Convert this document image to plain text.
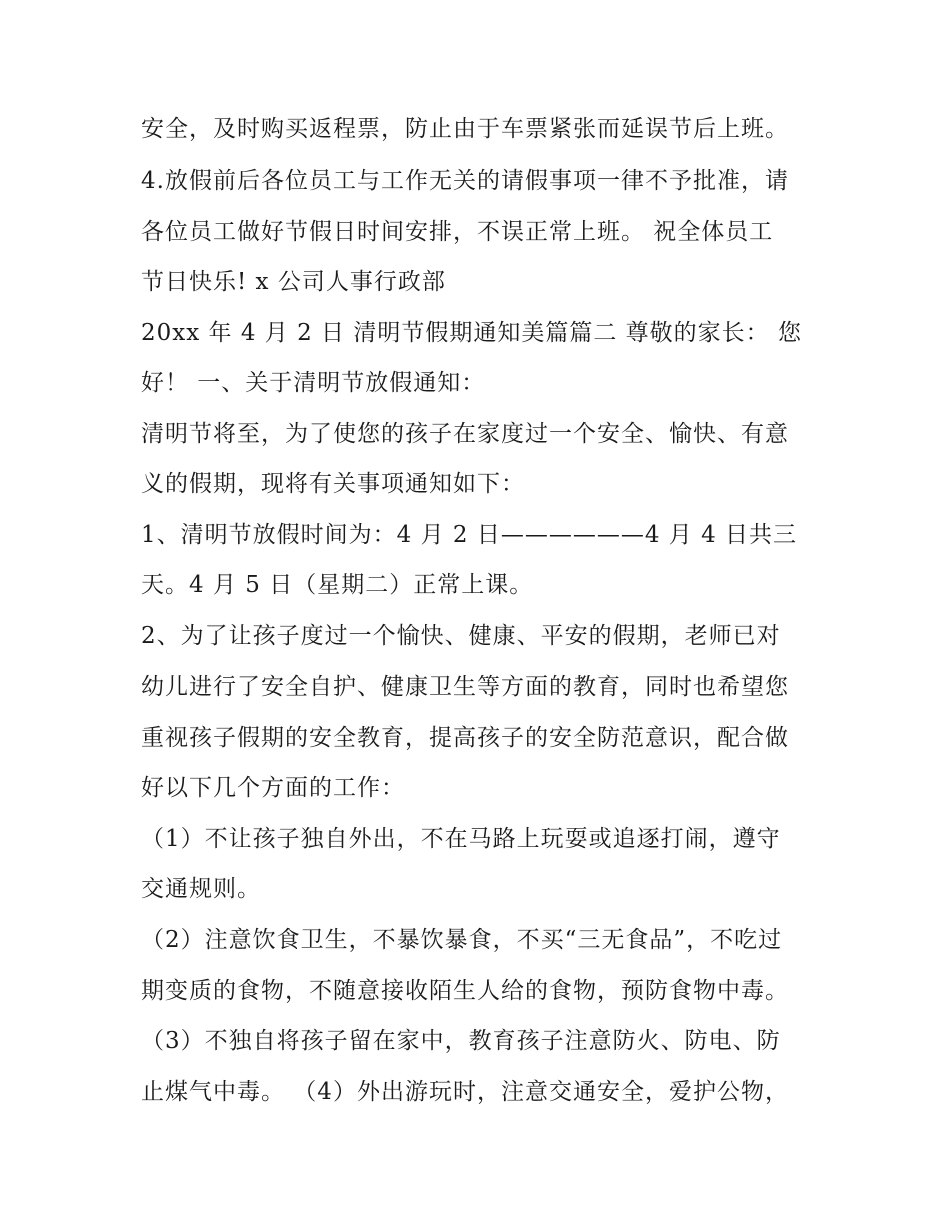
安全，及时购买返程票，防止由于车票紧张而延误节后上班。
4.放假前后各位员工与工作无关的请假事项一律不予批准，请
各位员工做好节假日时间安排，不误正常上班。 祝全体员工
节日快乐! x 公司人事行政部
20xx 年 4 月 2 日 清明节假期通知美篇篇二 尊敬的家长： 您
好！ 一、关于清明节放假通知：
清明节将至，为了使您的孩子在家度过一个安全、愉快、有意
义的假期，现将有关事项通知如下：
1、清明节放假时间为：4 月 2 日——————4 月 4 日共三
天。4 月 5 日（星期二）正常上课。
2、为了让孩子度过一个愉快、健康、平安的假期，老师已对
幼儿进行了安全自护、健康卫生等方面的教育，同时也希望您
重视孩子假期的安全教育，提高孩子的安全防范意识，配合做
好以下几个方面的工作：
（1）不让孩子独自外出，不在马路上玩耍或追逐打闹，遵守
交通规则。
（2）注意饮食卫生，不暴饮暴食，不买“三无食品”，不吃过
期变质的食物，不随意接收陌生人给的食物，预防食物中毒。
（3）不独自将孩子留在家中，教育孩子注意防火、防电、防
止煤气中毒。 （4）外出游玩时，注意交通安全，爱护公物，
